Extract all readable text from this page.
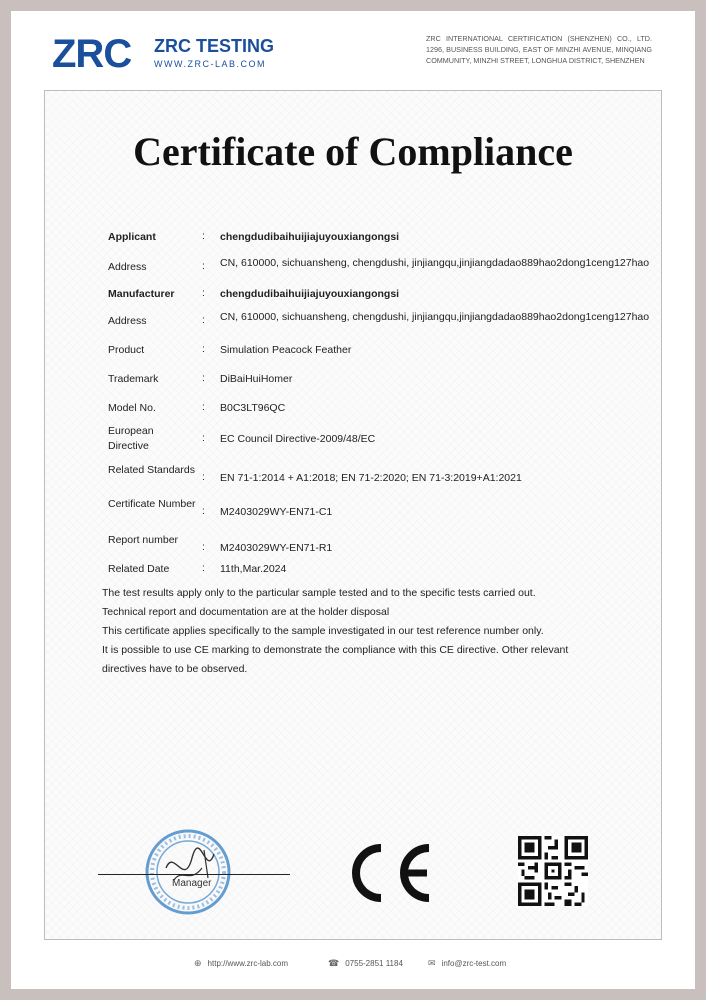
ZRC ZRC TESTING
WWW.ZRC-LAB.COM
ZRC INTERNATIONAL CERTIFICATION (SHENZHEN) CO., LTD. 1296, BUSINESS BUILDING, EAST OF MINZHI AVENUE, MINQIANG COMMUNITY, MINZHI STREET, LONGHUA DISTRICT, SHENZHEN
Certificate of Compliance
Applicant	: chengdudibaihuijiajuyouxiangongsi
Address	: CN, 610000, sichuansheng, chengdushi, jinjiangqu,jinjiangdadao889hao2dong1ceng127hao
Manufacturer	: chengdudibaihuijiajuyouxiangongsi
Address	: CN, 610000, sichuansheng, chengdushi, jinjiangqu,jinjiangdadao889hao2dong1ceng127hao
Product	: Simulation Peacock Feather
Trademark	: DiBaiHuiHomer
Model No.	: B0C3LT96QC
European Directive
: EC Council Directive-2009/48/EC
Related Standards
: EN 71-1:2014 + A1:2018; EN 71-2:2020; EN 71-3:2019+A1:2021
Certificate Number
: M2403029WY-EN71-C1
Report number
: M2403029WY-EN71-R1
Related Date	: 11th,Mar.2024

The test results apply only to the particular sample tested and to the specific tests carried out.

Technical report and documentation are at the holder disposal

This certificate applies specifically to the sample investigated in our test reference number only.

It is possible to use CE marking to demonstrate the compliance with this CE directive. Other relevant directives have to be observed.

Manager
⊕ http://www.zrc-lab.com	☎ 0755-2851 1184	✉ info@zrc-test.com
